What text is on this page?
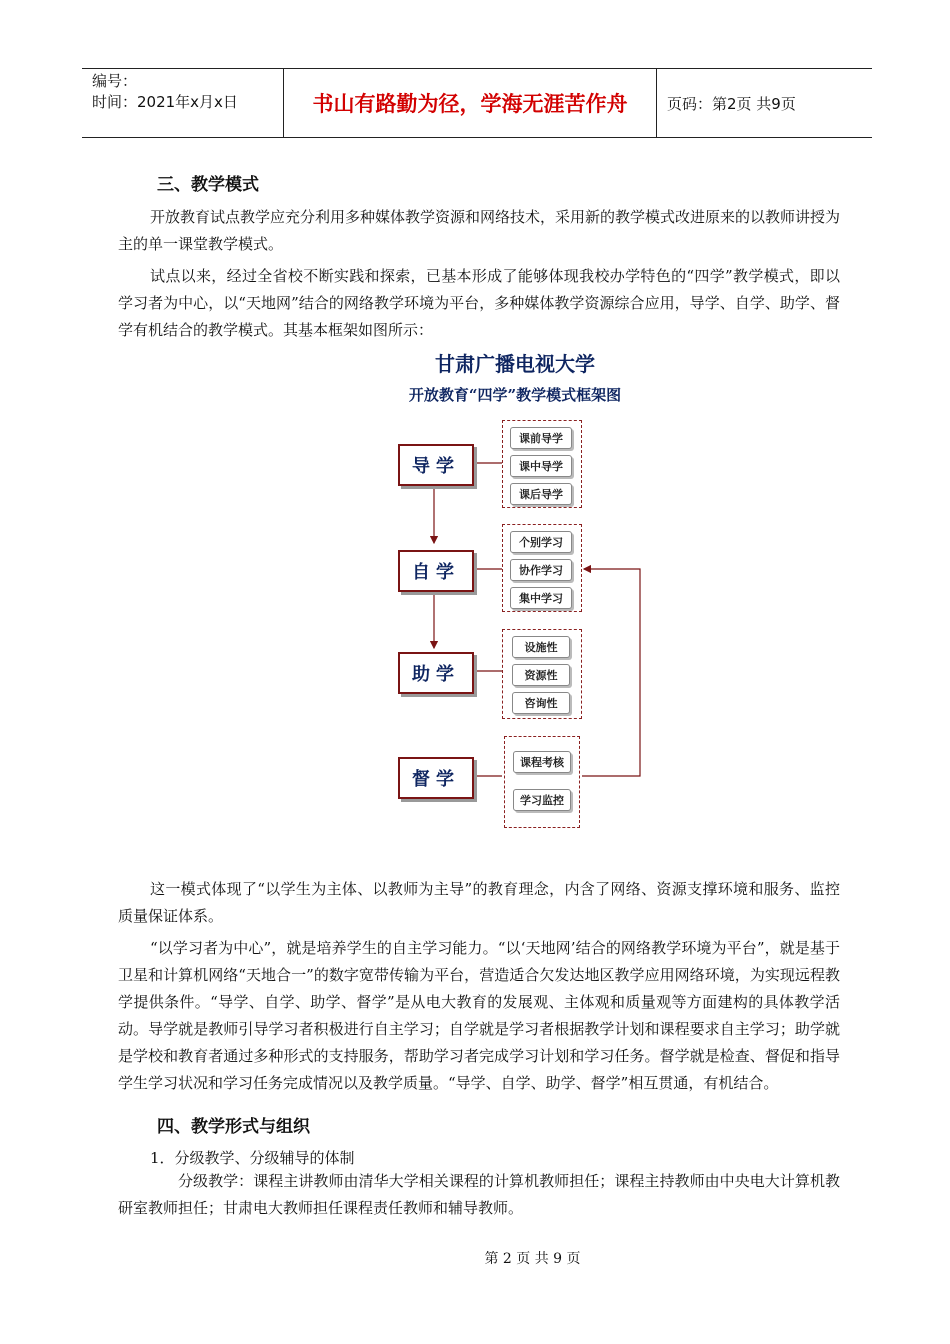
编号：
时间：2021年x月x日	书山有路勤为径，学海无涯苦作舟	页码：第2页 共9页
三、教学模式
开放教育试点教学应充分利用多种媒体教学资源和网络技术，采用新的教学模式改进原来的以教师讲授为主的单一课堂教学模式。
试点以来，经过全省校不断实践和探索，已基本形成了能够体现我校办学特色的“四学”教学模式，即以学习者为中心，以“天地网”结合的网络教学环境为平台，多种媒体教学资源综合应用，导学、自学、助学、督学有机结合的教学模式。其基本框架如图所示：
甘肃广播电视大学
开放教育“四学”教学模式框架图
导学
自学
助学
督学
课前导学
课中导学
课后导学
个别学习
协作学习
集中学习
设施性
资源性
咨询性
课程考核
学习监控
这一模式体现了“以学生为主体、以教师为主导”的教育理念，内含了网络、资源支撑环境和服务、监控质量保证体系。
“以学习者为中心”，就是培养学生的自主学习能力。“以‘天地网’结合的网络教学环境为平台”，就是基于卫星和计算机网络“天地合一”的数字宽带传输为平台，营造适合欠发达地区教学应用网络环境，为实现远程教学提供条件。“导学、自学、助学、督学”是从电大教育的发展观、主体观和质量观等方面建构的具体教学活动。导学就是教师引导学习者积极进行自主学习；自学就是学习者根据教学计划和课程要求自主学习；助学就是学校和教育者通过多种形式的支持服务，帮助学习者完成学习计划和学习任务。督学就是检查、督促和指导学生学习状况和学习任务完成情况以及教学质量。“导学、自学、助学、督学”相互贯通，有机结合。
四、教学形式与组织
1．分级教学、分级辅导的体制
分级教学：课程主讲教师由清华大学相关课程的计算机教师担任；课程主持教师由中央电大计算机教研室教师担任；甘肃电大教师担任课程责任教师和辅导教师。
第 2 页 共 9 页
